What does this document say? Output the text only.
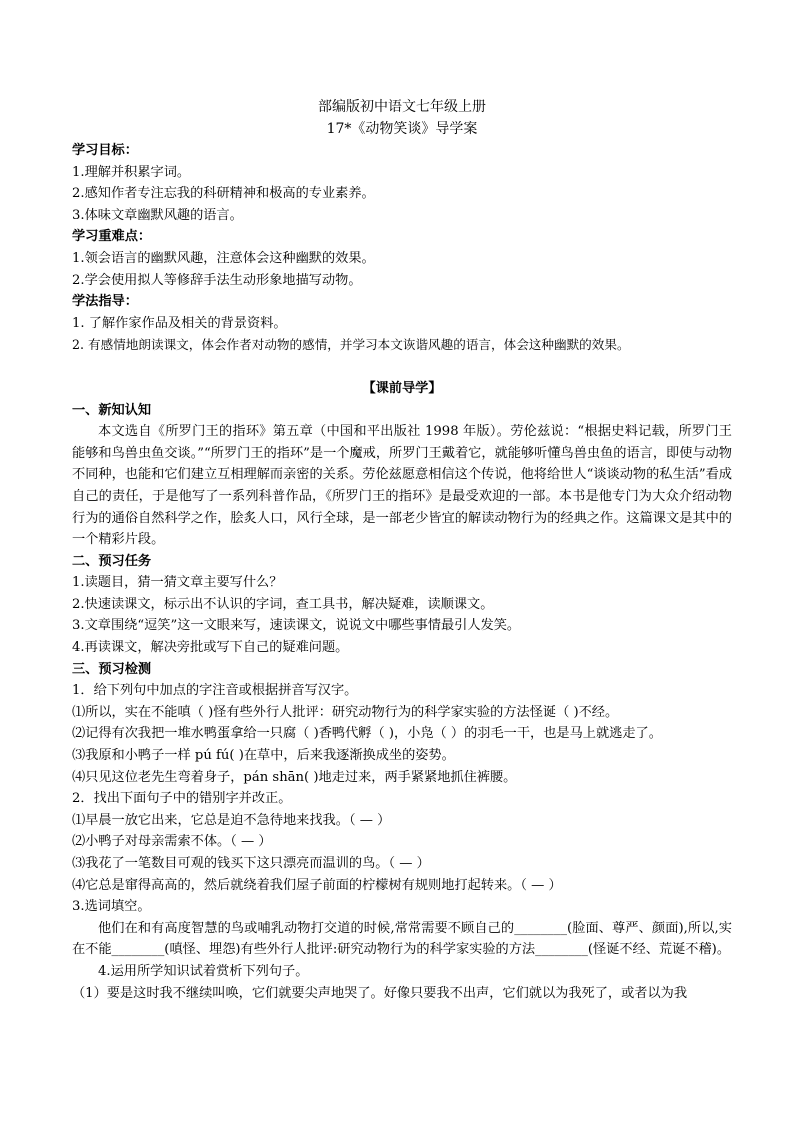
部编版初中语文七年级上册

17*《动物笑谈》导学案

学习目标：

1.理解并积累字词。

2.感知作者专注忘我的科研精神和极高的专业素养。

3.体味文章幽默风趣的语言。

学习重难点：

1.领会语言的幽默风趣，注意体会这种幽默的效果。

2.学会使用拟人等修辞手法生动形象地描写动物。

学法指导：

1. 了解作家作品及相关的背景资料。

2. 有感情地朗读课文，体会作者对动物的感情，并学习本文诙谐风趣的语言，体会这种幽默的效果。

【课前导学】

一、新知认知

本文选自《所罗门王的指环》第五章（中国和平出版社 1998 年版）。劳伦兹说：“根据史料记载，所罗门王能够和鸟兽虫鱼交谈。”“所罗门王的指环”是一个魔戒，所罗门王戴着它，就能够听懂鸟兽虫鱼的语言，即使与动物不同种，也能和它们建立互相理解而亲密的关系。劳伦兹愿意相信这个传说，他将给世人“谈谈动物的私生活”看成自己的责任，于是他写了一系列科普作品，《所罗门王的指环》是最受欢迎的一部。本书是他专门为大众介绍动物行为的通俗自然科学之作，脍炙人口，风行全球，是一部老少皆宜的解读动物行为的经典之作。这篇课文是其中的一个精彩片段。

二、预习任务

1.读题目，猜一猜文章主要写什么？

2.快速读课文，标示出不认识的字词，查工具书，解决疑难，读顺课文。

3.文章围绕“逗笑”这一文眼来写，速读课文，说说文中哪些事情最引人发笑。

4.再读课文，解决旁批或写下自己的疑难问题。

三、预习检测

1．给下列句中加点的字注音或根据拼音写汉字。

⑴所以，实在不能嗔（ )怪有些外行人批评：研究动物行为的科学家实验的方法怪诞（ )不经。

⑵记得有次我把一堆水鸭蛋拿给一只腐（ )香鸭代孵（ )，小凫（ ）的羽毛一干，也是马上就逃走了。

⑶我原和小鸭子一样 pú fú( )在草中，后来我逐渐换成坐的姿势。

⑷只见这位老先生弯着身子，pán shān( )地走过来，两手紧紧地抓住裤腰。

2．找出下面句子中的错别字并改正。

⑴早晨一放它出来，它总是迫不急待地来找我。（ — ）

⑵小鸭子对母亲需索不体。（ — ）

⑶我花了一笔数目可观的钱买下这只漂亮而温训的鸟。（ — ）

⑷它总是窜得高高的，然后就绕着我们屋子前面的柠檬树有规则地打起转来。（ — ）

3.选词填空。

他们在和有高度智慧的鸟或哺乳动物打交道的时候,常常需要不顾自己的________(脸面、尊严、颜面),所以,实在不能________(嗔怪、埋怨)有些外行人批评:研究动物行为的科学家实验的方法________(怪诞不经、荒诞不稽)。

4.运用所学知识试着赏析下列句子。

（1）要是这时我不继续叫唤，它们就要尖声地哭了。好像只要我不出声，它们就以为我死了，或者以为我
